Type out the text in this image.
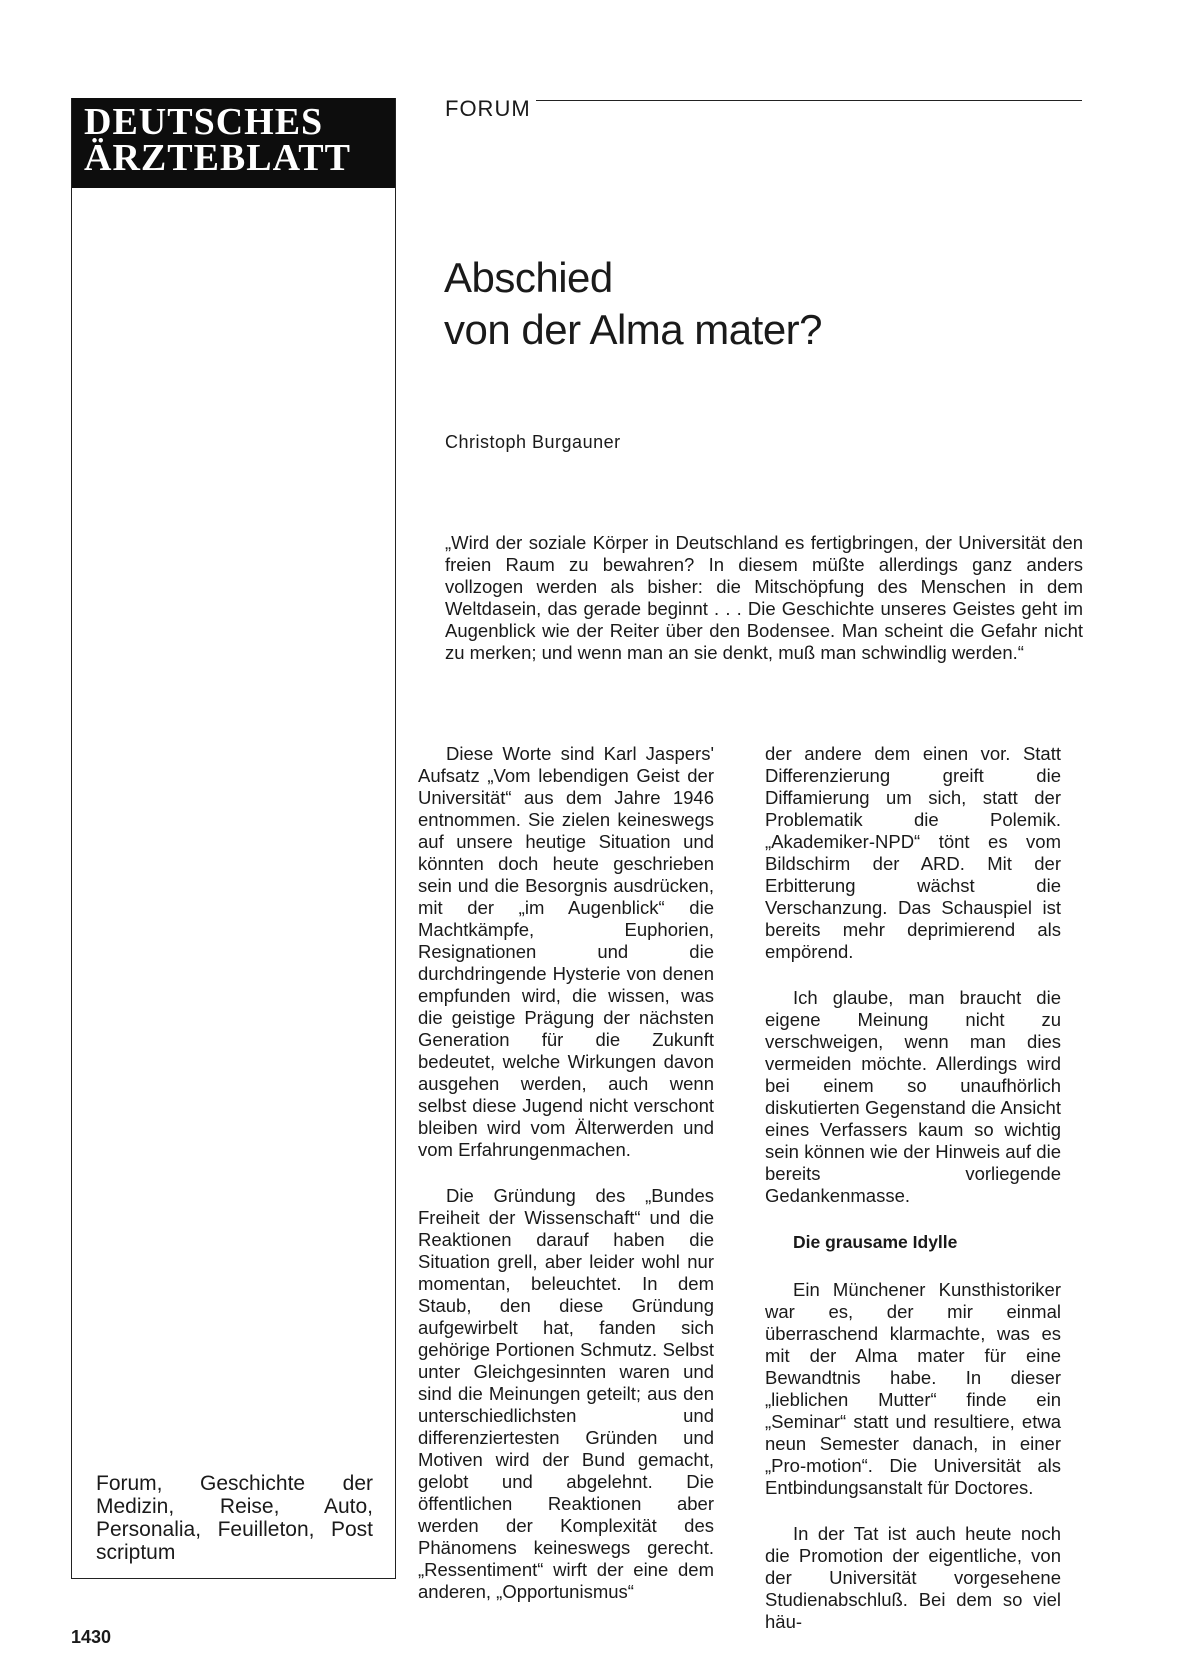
DEUTSCHES
ÄRZTEBLATT
Forum, Geschichte der Medizin, Reise, Auto, Personalia, Feuilleton, Post scriptum
FORUM
Abschied
von der Alma mater?
Christoph Burgauner
„Wird der soziale Körper in Deutschland es fertigbringen, der Universität den freien Raum zu bewahren? In diesem müßte allerdings ganz anders vollzogen werden als bisher: die Mitschöpfung des Menschen in dem Weltdasein, das gerade beginnt . . . Die Geschichte unseres Geistes geht im Augenblick wie der Reiter über den Bodensee. Man scheint die Gefahr nicht zu merken; und wenn man an sie denkt, muß man schwindlig werden.“

Diese Worte sind Karl Jaspers' Aufsatz „Vom lebendigen Geist der Universität“ aus dem Jahre 1946 entnommen. Sie zielen keineswegs auf unsere heutige Situation und könnten doch heute geschrieben sein und die Besorgnis ausdrücken, mit der „im Augenblick“ die Machtkämpfe, Euphorien, Resignationen und die durchdringende Hysterie von denen empfunden wird, die wissen, was die geistige Prägung der nächsten Generation für die Zukunft bedeutet, welche Wirkungen davon ausgehen werden, auch wenn selbst diese Jugend nicht verschont bleiben wird vom Älterwerden und vom Erfahrungenmachen.

Die Gründung des „Bundes Freiheit der Wissenschaft“ und die Reaktionen darauf haben die Situation grell, aber leider wohl nur momentan, beleuchtet. In dem Staub, den diese Gründung aufgewirbelt hat, fanden sich gehörige Portionen Schmutz. Selbst unter Gleichgesinnten waren und sind die Meinungen geteilt; aus den unterschiedlichsten und differenziertesten Gründen und Motiven wird der Bund gemacht, gelobt und abgelehnt. Die öffentlichen Reaktionen aber werden der Komplexität des Phänomens keineswegs gerecht. „Ressentiment“ wirft der eine dem anderen, „Opportunismus“

der andere dem einen vor. Statt Differenzierung greift die Diffamierung um sich, statt der Problematik die Polemik. „Akademiker-NPD“ tönt es vom Bildschirm der ARD. Mit der Erbitterung wächst die Verschanzung. Das Schauspiel ist bereits mehr deprimierend als empörend.

Ich glaube, man braucht die eigene Meinung nicht zu verschweigen, wenn man dies vermeiden möchte. Allerdings wird bei einem so unaufhörlich diskutierten Gegenstand die Ansicht eines Verfassers kaum so wichtig sein können wie der Hinweis auf die bereits vorliegende Gedankenmasse.

Die grausame Idylle

Ein Münchener Kunsthistoriker war es, der mir einmal überraschend klarmachte, was es mit der Alma mater für eine Bewandtnis habe. In dieser „lieblichen Mutter“ finde ein „Seminar“ statt und resultiere, etwa neun Semester danach, in einer „Pro-motion“. Die Universität als Entbindungsanstalt für Doctores.

In der Tat ist auch heute noch die Promotion der eigentliche, von der Universität vorgesehene Studienabschluß. Bei dem so viel häu-

1430
